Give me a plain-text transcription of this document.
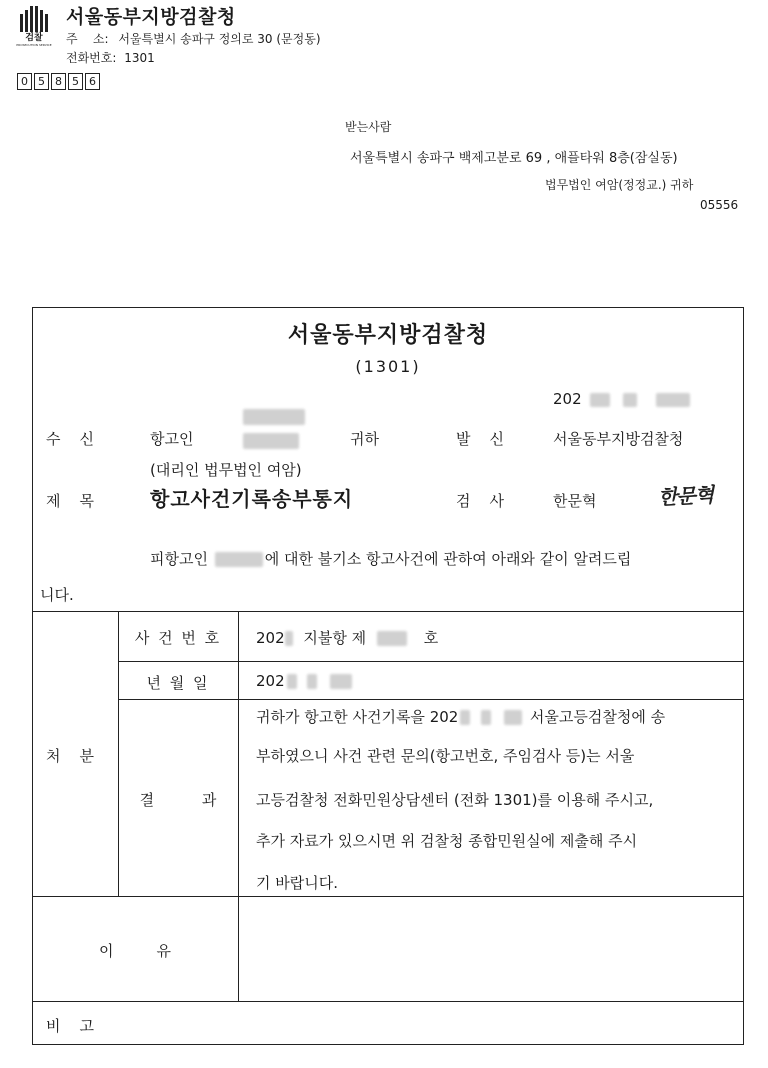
검찰
PROSECUTION SERVICE
서울동부지방검찰청
주    소: 서울특별시 송파구 정의로 30 (문정동)
전화번호: 1301
0 5 8 5 6
받는사람
서울특별시 송파구 백제고분로 69 , 애플타워 8층(잠실동)
법무법인 여암(정정교.) 귀하
05556
서울동부지방검찰청
(1301)
202
수    신	항고인	귀하	발    신	서울동부지방검찰청
(대리인 법무법인 여암)
제    목	항고사건기록송부통지	검    사	한문혁	한문혁
피항고인	에 대한 불기소 항고사건에 관하여 아래와 같이 알려드립
니다.
처    분
사 건 번 호	202 지불항 제	호
년 월 일	202
결          과
귀하가 항고한 사건기록을 202	서울고등검찰청에 송
부하였으니 사건 관련 문의(항고번호, 주임검사 등)는 서울
고등검찰청 전화민원상담센터 (전화 1301)를 이용해 주시고,
추가 자료가 있으시면 위 검찰청 종합민원실에 제출해 주시
기 바랍니다.
이         유
비    고
